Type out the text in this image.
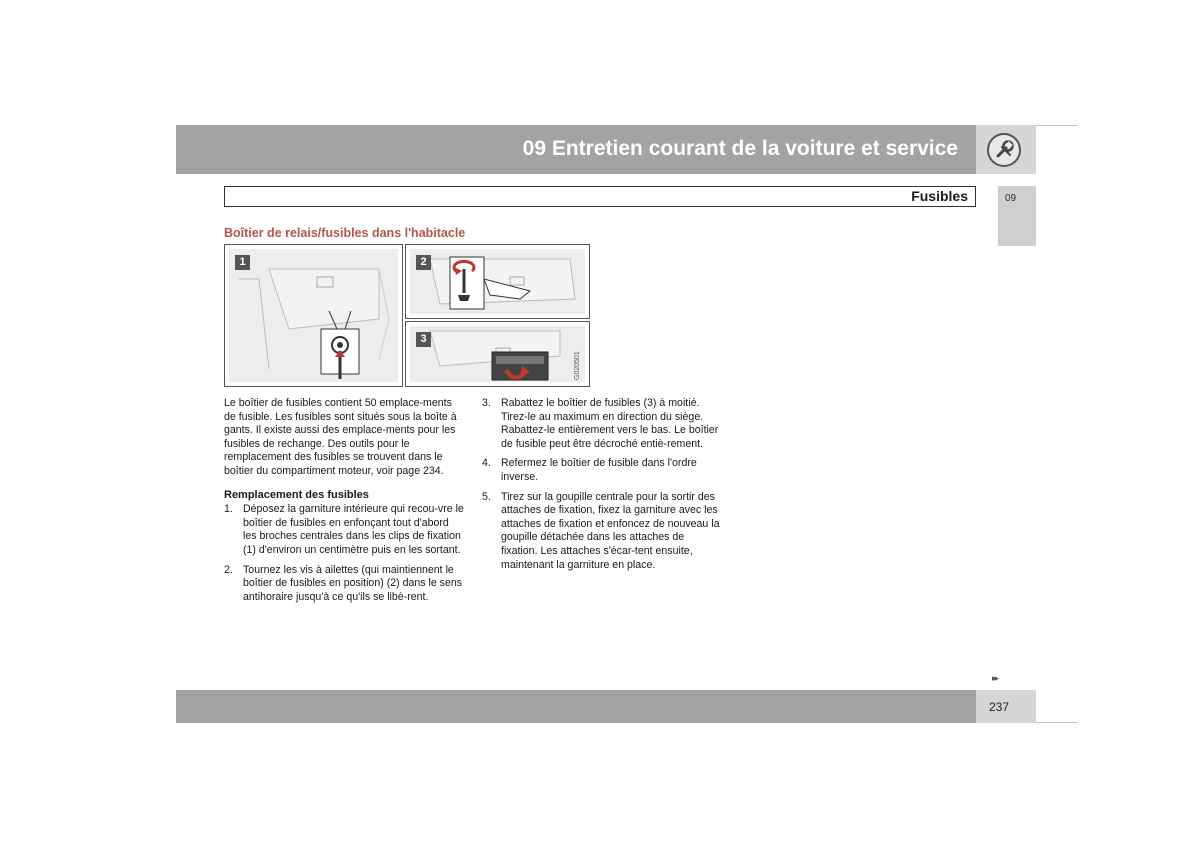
09 Entretien courant de la voiture et service
Fusibles	09
Boîtier de relais/fusibles dans l'habitacle
1	2
3
G020501
Le boîtier de fusibles contient 50 emplace-ments de fusible. Les fusibles sont situés sous la boîte à gants. Il existe aussi des emplace-ments pour les fusibles de rechange. Des outils pour le remplacement des fusibles se trouvent dans le boîtier du compartiment moteur, voir page 234.
Remplacement des fusibles
1. Déposez la garniture intérieure qui recou-vre le boîtier de fusibles en enfonçant tout d'abord les broches centrales dans les clips de fixation (1) d'environ un centimètre puis en les sortant.
2. Tournez les vis à ailettes (qui maintiennent le boîtier de fusibles en position) (2) dans le sens antihoraire jusqu'à ce qu'ils se libè-rent.
3. Rabattez le boîtier de fusibles (3) à moitié. Tirez-le au maximum en direction du siège. Rabattez-le entièrement vers le bas. Le boîtier de fusible peut être décroché entiè-rement.
4. Refermez le boîtier de fusible dans l'ordre inverse.
5. Tirez sur la goupille centrale pour la sortir des attaches de fixation, fixez la garniture avec les attaches de fixation et enfoncez de nouveau la goupille détachée dans les attaches de fixation. Les attaches s'écar-tent ensuite, maintenant la garniture en place.
▸▸
237
